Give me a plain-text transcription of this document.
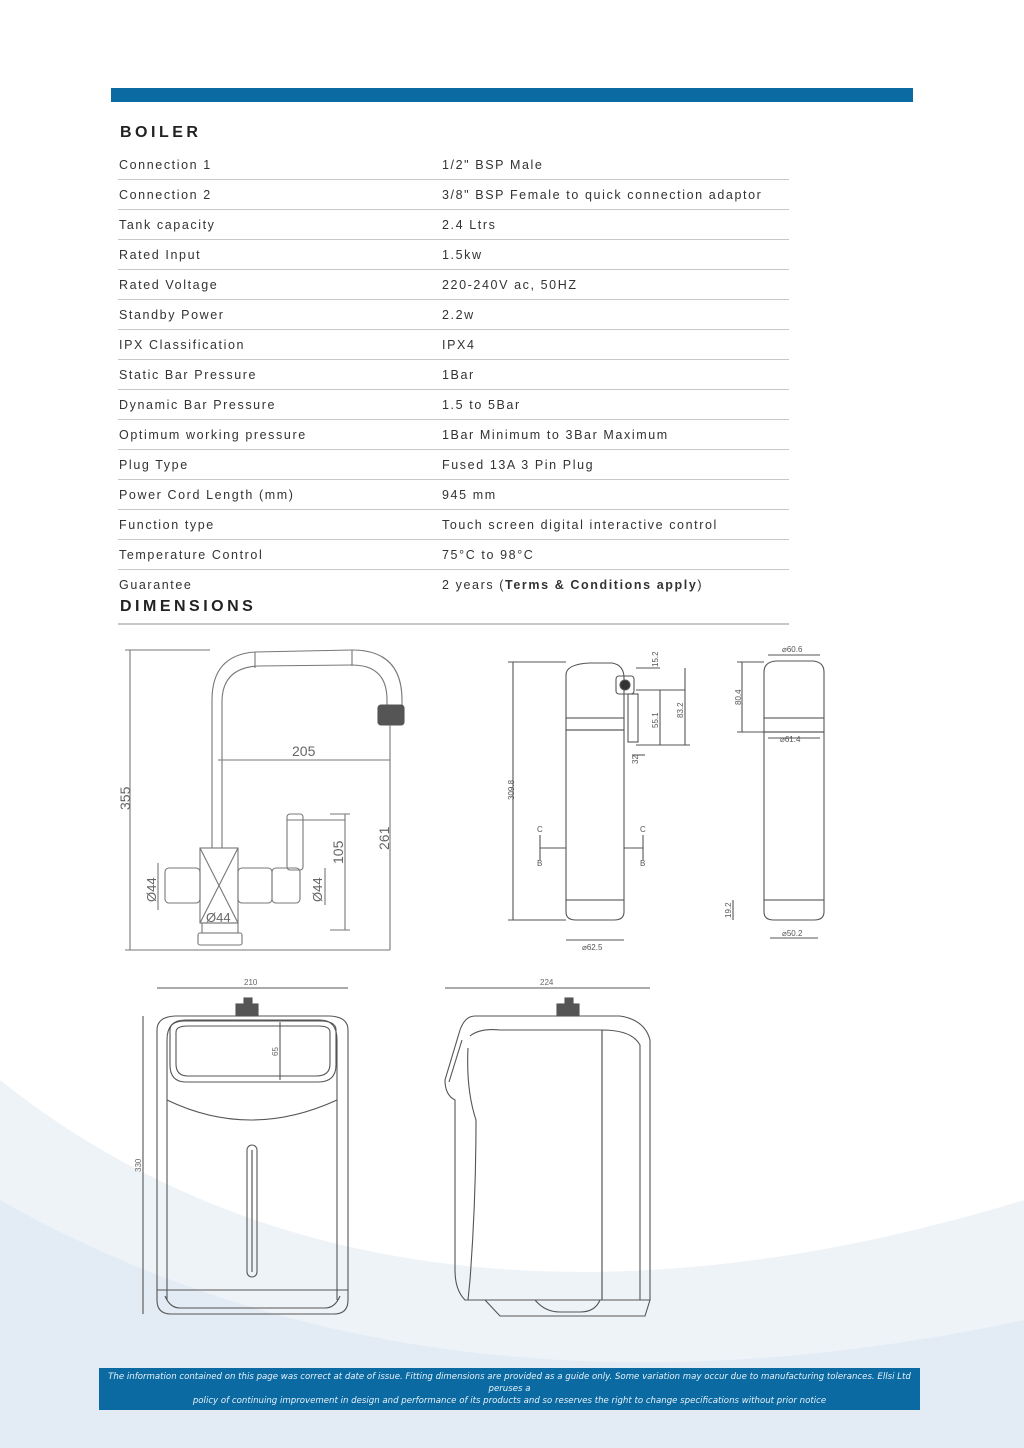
BOILER
Connection 1	1/2" BSP Male
Connection 2	3/8" BSP Female to quick connection adaptor
Tank capacity	2.4 Ltrs
Rated Input	1.5kw
Rated Voltage	220-240V ac, 50HZ
Standby Power	2.2w
IPX Classification	IPX4
Static Bar Pressure	1Bar
Dynamic Bar Pressure	1.5 to 5Bar
Optimum working pressure	1Bar Minimum to 3Bar Maximum
Plug Type	Fused 13A 3 Pin Plug
Power Cord Length (mm)	945 mm
Function type	Touch screen digital interactive control
Temperature Control	75°C to 98°C
Guarantee	2 years (Terms & Conditions apply)
DIMENSIONS
355
205
261
105
Ø44	Ø44
Ø44
309.8
15.2
83.2
55.1
32
⌀62.5
C
B
C
B
⌀60.6
80.4
⌀61.4
19.2
⌀50.2
210
330
65
224
The information contained on this page was correct at date of issue. Fitting dimensions are provided as a guide only. Some variation may occur due to manufacturing tolerances. Ellsi Ltd peruses a
policy of continuing improvement in design and performance of its products and so reserves the right to change specifications without prior notice
